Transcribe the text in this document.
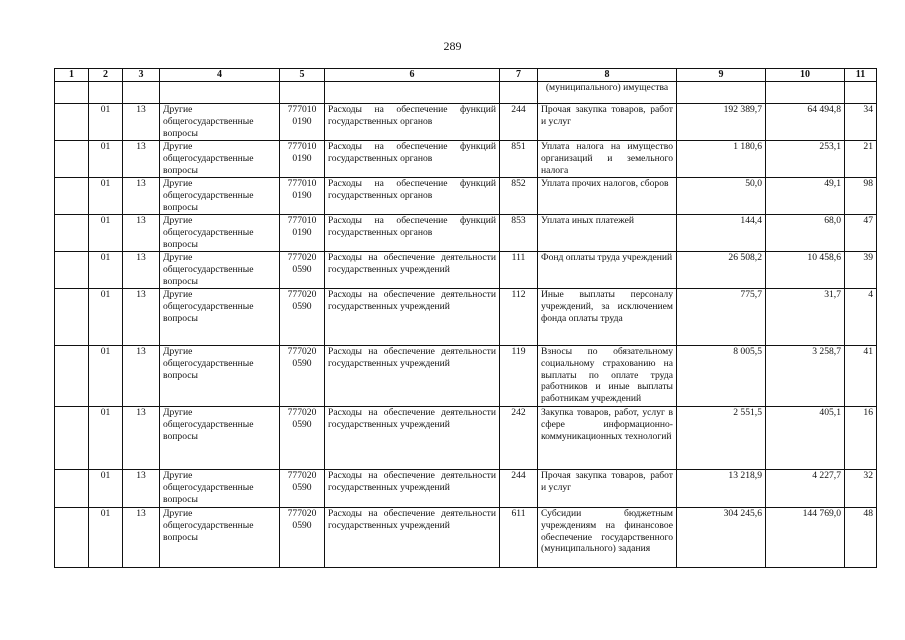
289
1	2	3	4	5	6	7	8	9	10	11
							(муниципального) имущества			
	01	13	Другие общегосударственные вопросы	777010 0190	Расходы на обеспечение функций государственных органов	244	Прочая закупка товаров, работ и услуг	192 389,7	64 494,8	34
	01	13	Другие общегосударственные вопросы	777010 0190	Расходы на обеспечение функций государственных органов	851	Уплата налога на имущество организаций и земельного налога	1 180,6	253,1	21
	01	13	Другие общегосударственные вопросы	777010 0190	Расходы на обеспечение функций государственных органов	852	Уплата прочих налогов, сборов	50,0	49,1	98
	01	13	Другие общегосударственные вопросы	777010 0190	Расходы на обеспечение функций государственных органов	853	Уплата иных платежей	144,4	68,0	47
	01	13	Другие общегосударственные вопросы	777020 0590	Расходы на обеспечение деятельности государственных учреждений	111	Фонд оплаты труда учреждений	26 508,2	10 458,6	39
	01	13	Другие общегосударственные вопросы	777020 0590	Расходы на обеспечение деятельности государственных учреждений	112	Иные выплаты персоналу учреждений, за исключением фонда оплаты труда	775,7	31,7	4
	01	13	Другие общегосударственные вопросы	777020 0590	Расходы на обеспечение деятельности государственных учреждений	119	Взносы по обязательному социальному страхованию на выплаты по оплате труда работников и иные выплаты работникам учреждений	8 005,5	3 258,7	41
	01	13	Другие общегосударственные вопросы	777020 0590	Расходы на обеспечение деятельности государственных учреждений	242	Закупка товаров, работ, услуг в сфере информационно-коммуникационных технологий	2 551,5	405,1	16
	01	13	Другие общегосударственные вопросы	777020 0590	Расходы на обеспечение деятельности государственных учреждений	244	Прочая закупка товаров, работ и услуг	13 218,9	4 227,7	32
	01	13	Другие общегосударственные вопросы	777020 0590	Расходы на обеспечение деятельности государственных учреждений	611	Субсидии бюджетным учреждениям на финансовое обеспечение государственного (муниципального) задания	304 245,6	144 769,0	48
